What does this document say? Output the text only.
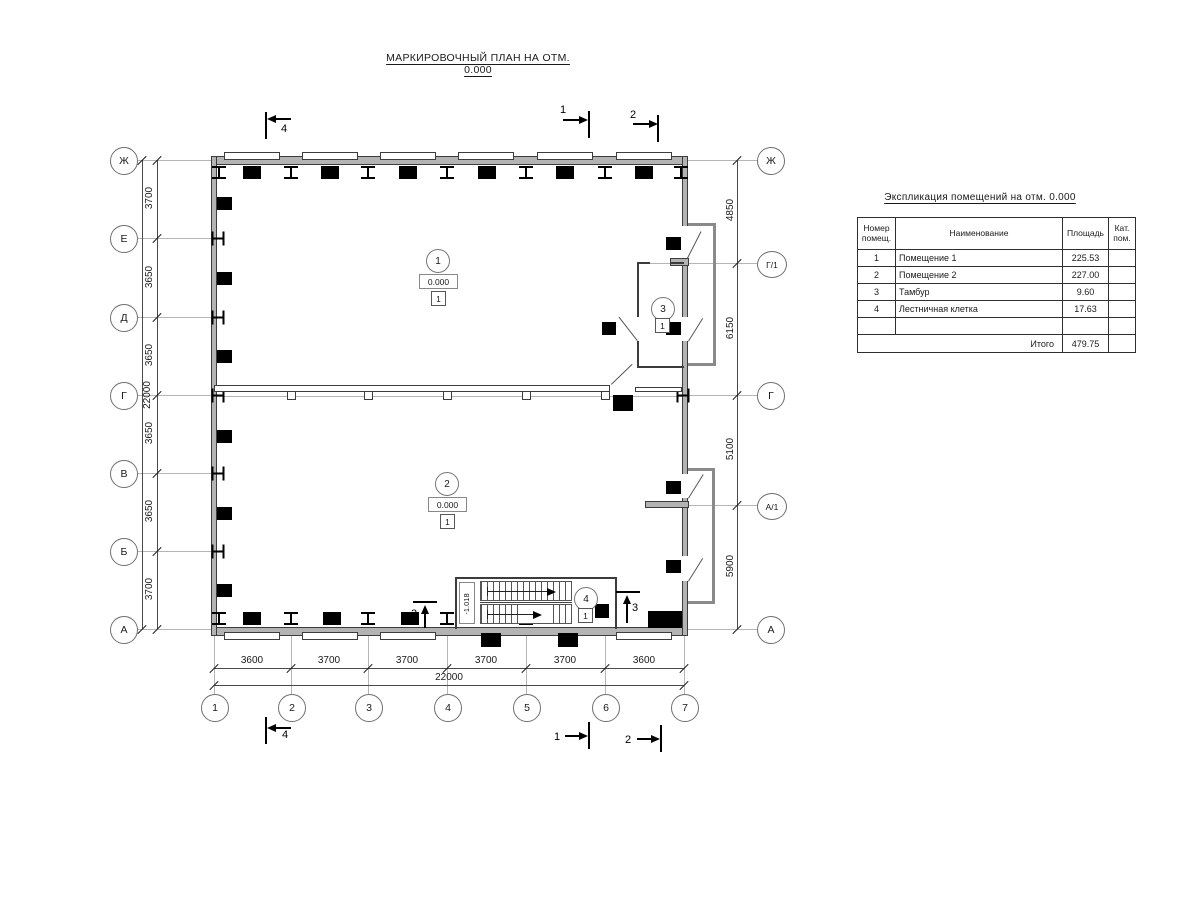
МАРКИРОВОЧНЫЙ ПЛАН НА ОТМ. 0.000
-1.018
1
0.000
1
2
0.000
1
3
1
4
1
3700
3650
3650
3650
3650
3700
22000
4850
6150
5100
5900
3600	3700	3700	3700	3700	3600
22000
Ж
Е
Д
Г
В
Б
А
Ж
Г/1
Г
А/1
А
1	2	3	4	5	6	7
4
1	2
4	1	2
3
3
Экспликация помещений на отм. 0.000
Номер помещ.	Наименование	Площадь	Кат. пом.
1	Помещение 1	225.53	
2	Помещение 2	227.00	
3	Тамбур	9.60	
4	Лестничная клетка	17.63	

Итого		479.75	
